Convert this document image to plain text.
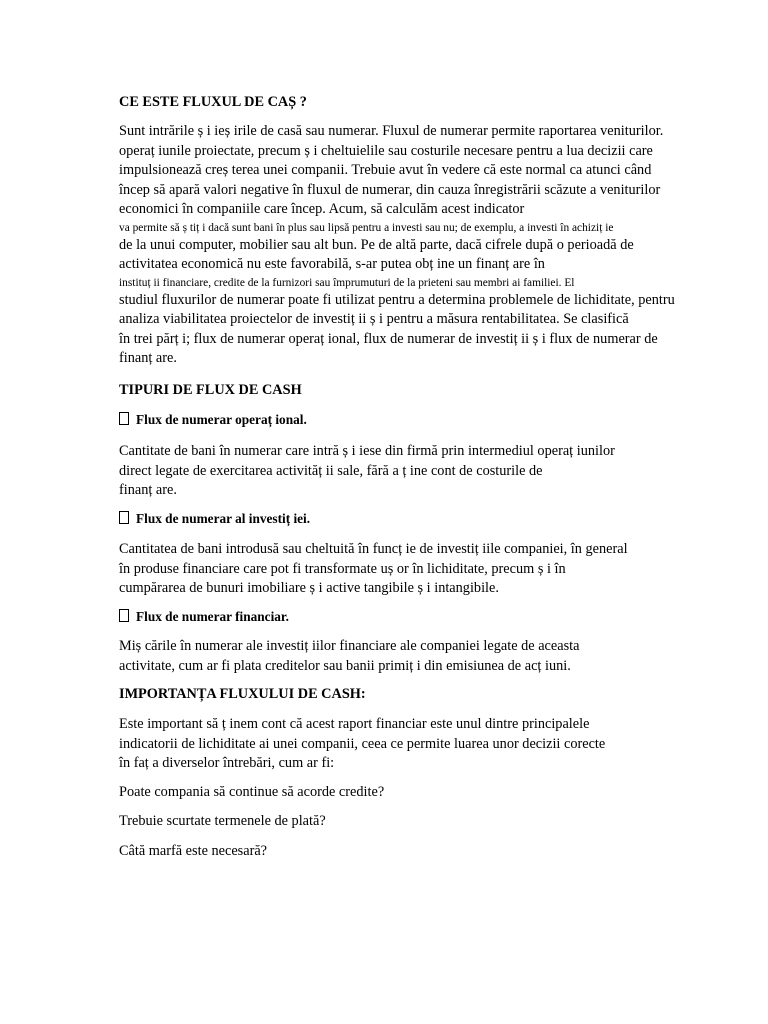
CE ESTE FLUXUL DE CAȘ ?
Sunt intrările ș i ieș irile de casă sau numerar. Fluxul de numerar permite raportarea veniturilor.
operaț iunile proiectate, precum ș i cheltuielile sau costurile necesare pentru a lua decizii care
impulsionează creș terea unei companii. Trebuie avut în vedere că este normal ca atunci când
încep să apară valori negative în fluxul de numerar, din cauza înregistrării scăzute a veniturilor
economici în companiile care încep. Acum, să calculăm acest indicator
va permite să ș tiț i dacă sunt bani în plus sau lipsă pentru a investi sau nu; de exemplu, a investi în achiziț ie
de la unui computer, mobilier sau alt bun. Pe de altă parte, dacă cifrele după o perioadă de
activitatea economică nu este favorabilă, s-ar putea obț ine un finanț are în
instituț ii financiare, credite de la furnizori sau împrumuturi de la prieteni sau membri ai familiei. El
studiul fluxurilor de numerar poate fi utilizat pentru a determina problemele de lichiditate, pentru
analiza viabilitatea proiectelor de investiț ii ș i pentru a măsura rentabilitatea. Se clasifică
în trei părț i; flux de numerar operaț ional, flux de numerar de investiț ii ș i flux de numerar de
finanț are.
TIPURI DE FLUX DE CASH
Flux de numerar operaț ional.
Cantitate de bani în numerar care intră ș i iese din firmă prin intermediul operaț iunilor
direct legate de exercitarea activităț ii sale, fără a ț ine cont de costurile de
finanț are.
Flux de numerar al investiț iei.
Cantitatea de bani introdusă sau cheltuită în funcț ie de investiț iile companiei, în general
în produse financiare care pot fi transformate uș or în lichiditate, precum ș i în
cumpărarea de bunuri imobiliare ș i active tangibile ș i intangibile.
Flux de numerar financiar.
Miș cările în numerar ale investiț iilor financiare ale companiei legate de aceasta
activitate, cum ar fi plata creditelor sau banii primiț i din emisiunea de acț iuni.
IMPORTANȚA FLUXULUI DE CASH:
Este important să ț inem cont că acest raport financiar este unul dintre principalele
indicatorii de lichiditate ai unei companii, ceea ce permite luarea unor decizii corecte
în faț a diverselor întrebări, cum ar fi:
Poate compania să continue să acorde credite?
Trebuie scurtate termenele de plată?
Câtă marfă este necesară?
